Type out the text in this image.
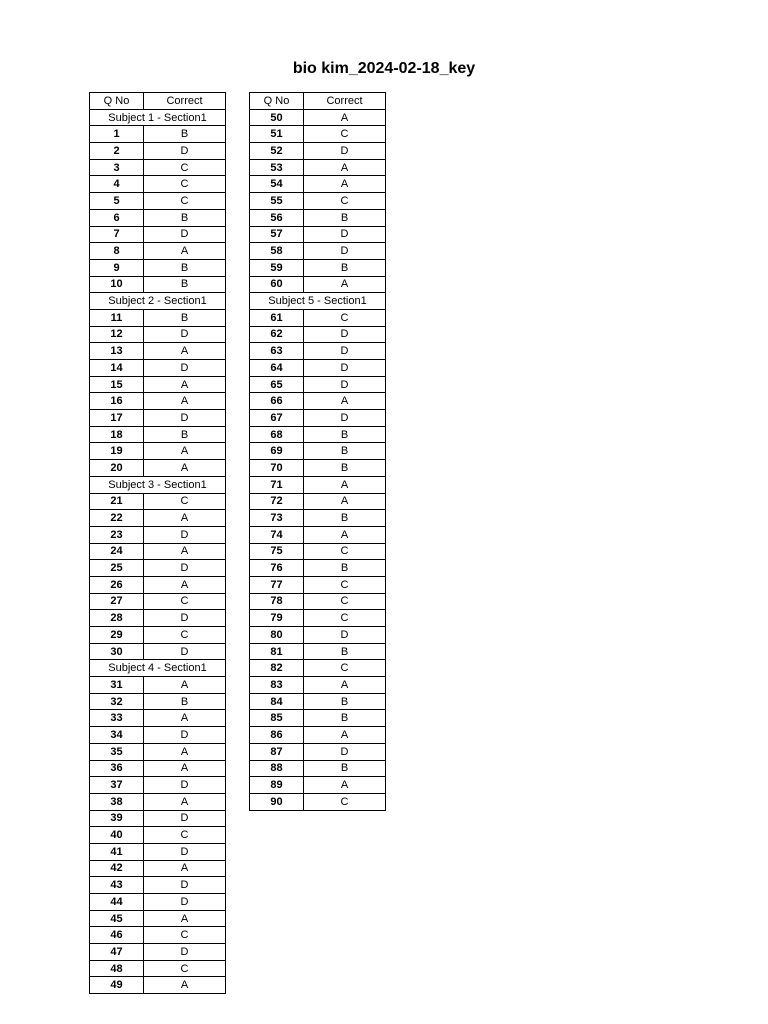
bio kim_2024-02-18_key
Q No	Correct
Subject 1 - Section1	
1	B
2	D
3	C
4	C
5	C
6	B
7	D
8	A
9	B
10	B
Subject 2 - Section1	
11	B
12	D
13	A
14	D
15	A
16	A
17	D
18	B
19	A
20	A
Subject 3 - Section1	
21	C
22	A
23	D
24	A
25	D
26	A
27	C
28	D
29	C
30	D
Subject 4 - Section1	
31	A
32	B
33	A
34	D
35	A
36	A
37	D
38	A
39	D
40	C
41	D
42	A
43	D
44	D
45	A
46	C
47	D
48	C
49	A
Q No	Correct
50	A
51	C
52	D
53	A
54	A
55	C
56	B
57	D
58	D
59	B
60	A
Subject 5 - Section1	
61	C
62	D
63	D
64	D
65	D
66	A
67	D
68	B
69	B
70	B
71	A
72	A
73	B
74	A
75	C
76	B
77	C
78	C
79	C
80	D
81	B
82	C
83	A
84	B
85	B
86	A
87	D
88	B
89	A
90	C
